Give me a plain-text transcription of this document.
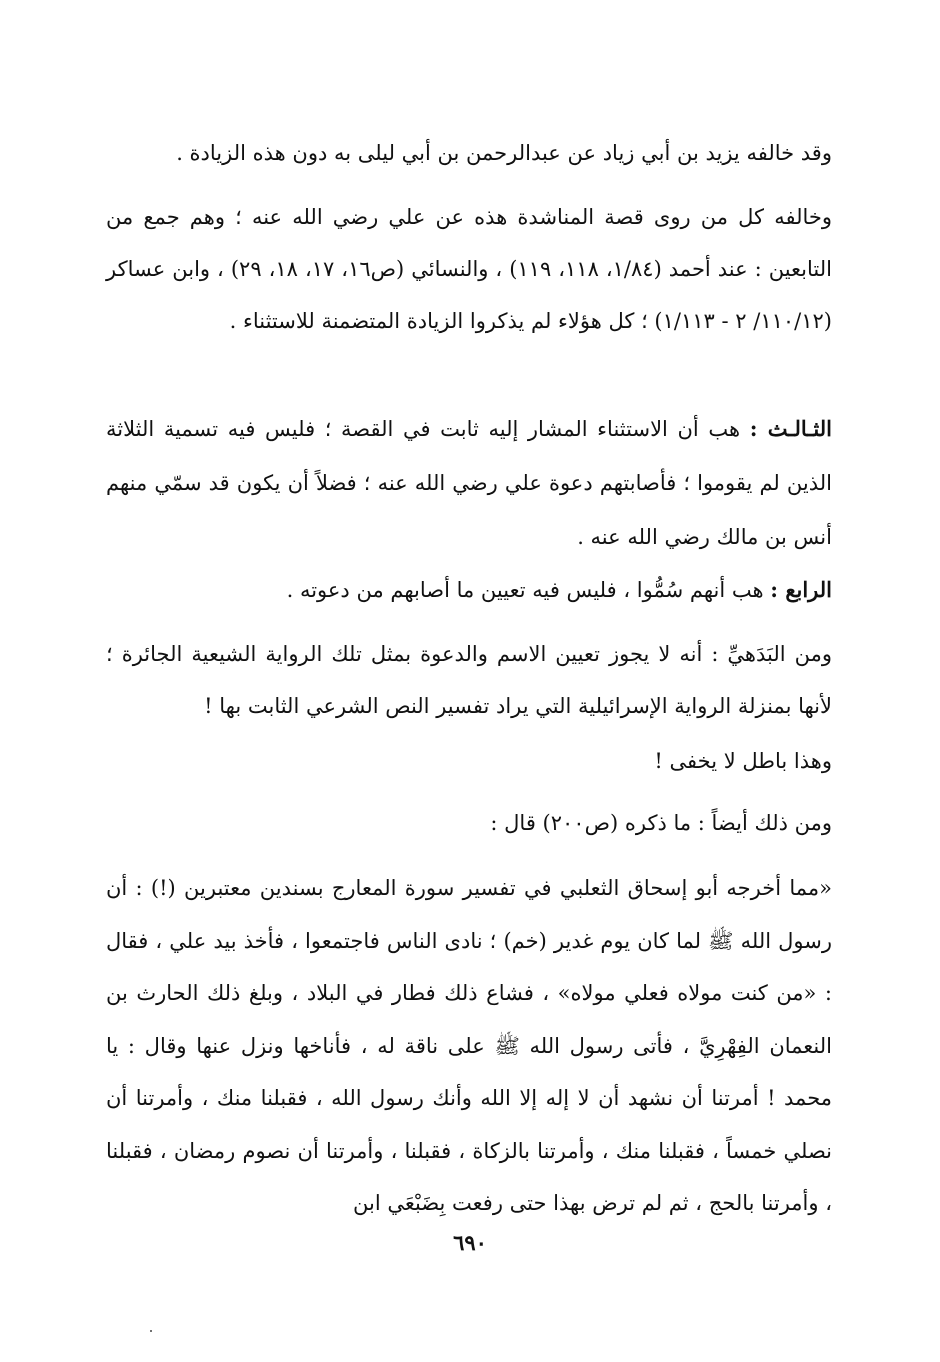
وقد خالفه يزيد بن أبي زياد عن عبدالرحمن بن أبي ليلى به دون هذه الزيادة .

وخالفه كل من روى قصة المناشدة هذه عن علي رضي الله عنه ؛ وهم جمع من التابعين : عند أحمد (١/٨٤، ١١٨، ١١٩) ، والنسائي (ص١٦، ١٧، ١٨، ٢٩) ، وابن عساكر (١١٠/١٢/ ٢ - ١/١١٣) ؛ كل هؤلاء لم يذكروا الزيادة المتضمنة للاستثناء .

الثـالـث : هب أن الاستثناء المشار إليه ثابت في القصة ؛ فليس فيه تسمية الثلاثة الذين لم يقوموا ؛ فأصابتهم دعوة علي رضي الله عنه ؛ فضلاً أن يكون قد سمّي منهم أنس بن مالك رضي الله عنه .

الرابع : هب أنهم سُمُّوا ، فليس فيه تعيين ما أصابهم من دعوته .

ومن البَدَهيِّ : أنه لا يجوز تعيين الاسم والدعوة بمثل تلك الرواية الشيعية الجائرة ؛ لأنها بمنزلة الرواية الإسرائيلية التي يراد تفسير النص الشرعي الثابت بها !

وهذا باطل لا يخفى !

ومن ذلك أيضاً : ما ذكره (ص٢٠٠) قال :

«مما أخرجه أبو إسحاق الثعلبي في تفسير سورة المعارج بسندين معتبرين (!) : أن رسول الله ﷺ لما كان يوم غدير (خم) ؛ نادى الناس فاجتمعوا ، فأخذ بيد علي ، فقال : «من كنت مولاه فعلي مولاه» ، فشاع ذلك فطار في البلاد ، وبلغ ذلك الحارث بن النعمان الفِهْرِيَّ ، فأتى رسول الله ﷺ على ناقة له ، فأناخها ونزل عنها وقال : يا محمد ! أمرتنا أن نشهد أن لا إله إلا الله وأنك رسول الله ، فقبلنا منك ، وأمرتنا أن نصلي خمساً ، فقبلنا منك ، وأمرتنا بالزكاة ، فقبلنا ، وأمرتنا أن نصوم رمضان ، فقبلنا ، وأمرتنا بالحج ، ثم لم ترض بهذا حتى رفعت بِضَبْعَي ابن

٦٩٠
